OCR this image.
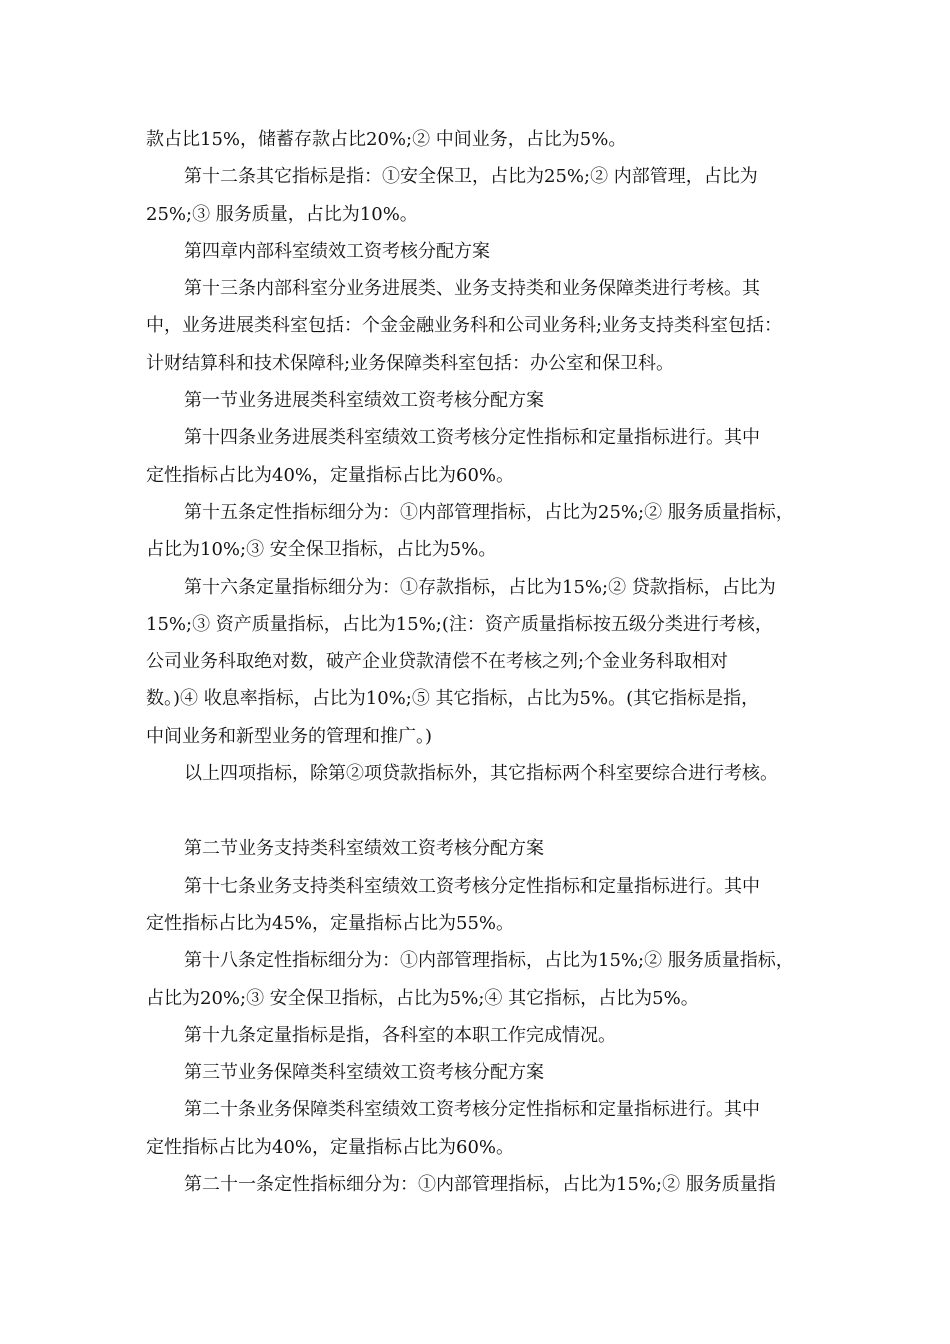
款占比15%，储蓄存款占比20%;② 中间业务，占比为5%。
第十二条其它指标是指：①安全保卫，占比为25%;② 内部管理，占比为
25%;③ 服务质量，占比为10%。
第四章内部科室绩效工资考核分配方案
第十三条内部科室分业务进展类、业务支持类和业务保障类进行考核。其
中，业务进展类科室包括：个金金融业务科和公司业务科;业务支持类科室包括：
计财结算科和技术保障科;业务保障类科室包括：办公室和保卫科。
第一节业务进展类科室绩效工资考核分配方案
第十四条业务进展类科室绩效工资考核分定性指标和定量指标进行。其中
定性指标占比为40%，定量指标占比为60%。
第十五条定性指标细分为：①内部管理指标，占比为25%;② 服务质量指标，
占比为10%;③ 安全保卫指标，占比为5%。
第十六条定量指标细分为：①存款指标，占比为15%;② 贷款指标，占比为
15%;③ 资产质量指标，占比为15%;(注：资产质量指标按五级分类进行考核，
公司业务科取绝对数，破产企业贷款清偿不在考核之列;个金业务科取相对
数。)④ 收息率指标，占比为10%;⑤ 其它指标，占比为5%。(其它指标是指，
中间业务和新型业务的管理和推广。)
以上四项指标，除第②项贷款指标外，其它指标两个科室要综合进行考核。
第二节业务支持类科室绩效工资考核分配方案
第十七条业务支持类科室绩效工资考核分定性指标和定量指标进行。其中
定性指标占比为45%，定量指标占比为55%。
第十八条定性指标细分为：①内部管理指标，占比为15%;② 服务质量指标，
占比为20%;③ 安全保卫指标，占比为5%;④ 其它指标，占比为5%。
第十九条定量指标是指，各科室的本职工作完成情况。
第三节业务保障类科室绩效工资考核分配方案
第二十条业务保障类科室绩效工资考核分定性指标和定量指标进行。其中
定性指标占比为40%，定量指标占比为60%。
第二十一条定性指标细分为：①内部管理指标，占比为15%;② 服务质量指
